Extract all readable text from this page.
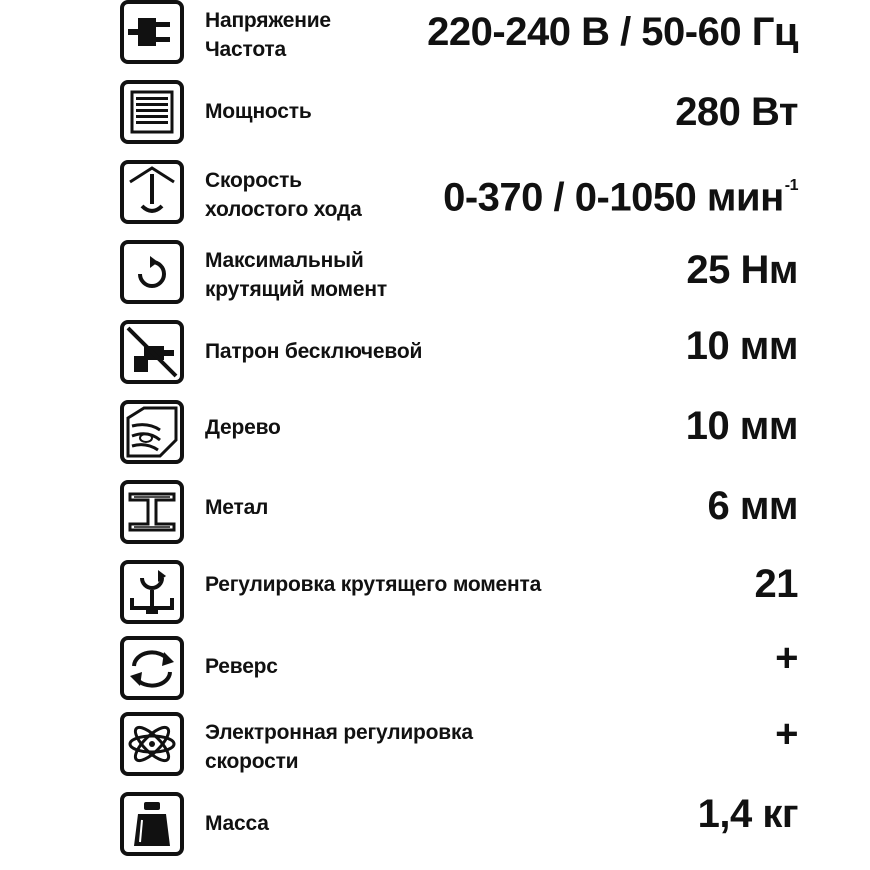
Напряжение
Частота	220-240 В / 50-60 Гц
Мощность	280 Вт
Скорость
холостого хода 0-370 / 0-1050 мин$^{-1}$
Максимальный
крутящий момент	25 Нм
Патрон бесключевой	10 мм
Дерево	10 мм
Метал	6 мм
Регулировка крутящего момента	21
Реверс	+
Электронная регулировка
скорости
+
Масса	1,4 кг
